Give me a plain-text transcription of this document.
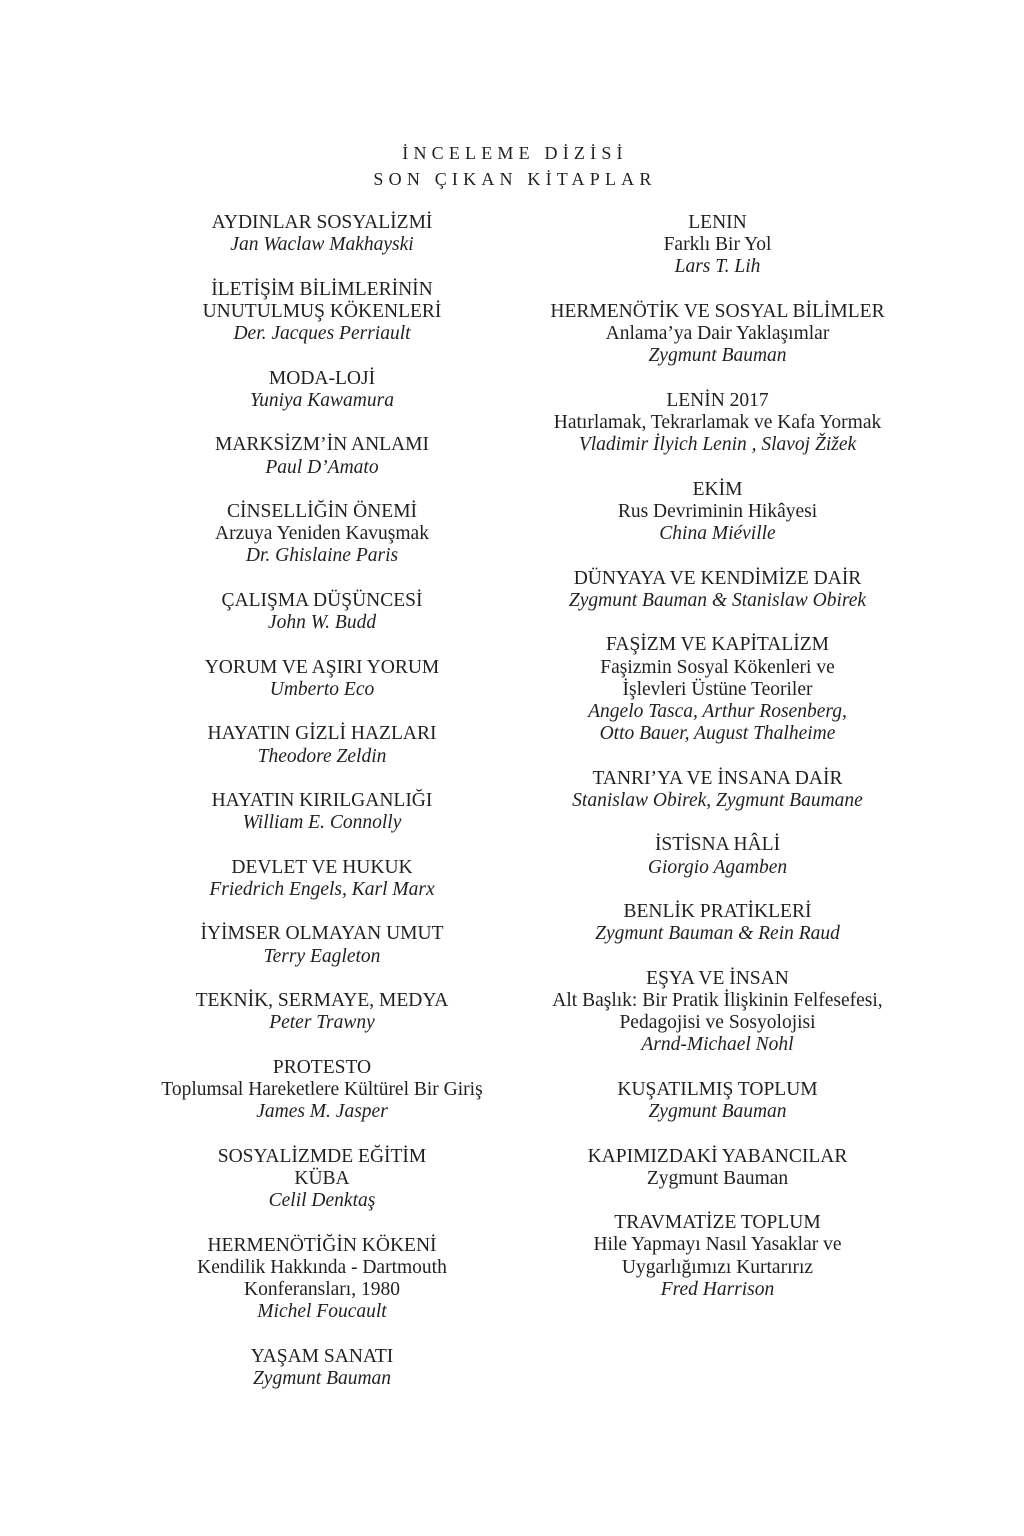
İNCELEME DİZİSİ
SON ÇIKAN KİTAPLAR
AYDINLAR SOSYALİZMİ
Jan Waclaw Makhayski
İLETİŞİM BİLİMLERİNİN
UNUTULMUŞ KÖKENLERİ
Der. Jacques Perriault
MODA-LOJİ
Yuniya Kawamura
MARKSİZM’İN ANLAMI
Paul D’Amato
CİNSELLİĞİN ÖNEMİ
Arzuya Yeniden Kavuşmak
Dr. Ghislaine Paris
ÇALIŞMA DÜŞÜNCESİ
John W. Budd
YORUM VE AŞIRI YORUM
Umberto Eco
HAYATIN GİZLİ HAZLARI
Theodore Zeldin
HAYATIN KIRILGANLIĞI
William E. Connolly
DEVLET VE HUKUK
Friedrich Engels, Karl Marx
İYİMSER OLMAYAN UMUT
Terry Eagleton
TEKNİK, SERMAYE, MEDYA
Peter Trawny
PROTESTO
Toplumsal Hareketlere Kültürel Bir Giriş
James M. Jasper
SOSYALİZMDE EĞİTİM
KÜBA
Celil Denktaş
HERMENÖTİĞİN KÖKENİ
Kendilik Hakkında - Dartmouth
Konferansları, 1980
Michel Foucault
YAŞAM SANATI
Zygmunt Bauman
LENIN
Farklı Bir Yol
Lars T. Lih
HERMENÖTİK VE SOSYAL BİLİMLER
Anlama’ya Dair Yaklaşımlar
Zygmunt Bauman
LENİN 2017
Hatırlamak, Tekrarlamak ve Kafa Yormak
Vladimir İlyich Lenin , Slavoj Žižek
EKİM
Rus Devriminin Hikâyesi
China Miéville
DÜNYAYA VE KENDİMİZE DAİR
Zygmunt Bauman & Stanislaw Obirek
FAŞİZM VE KAPİTALİZM
Faşizmin Sosyal Kökenleri ve
İşlevleri Üstüne Teoriler
Angelo Tasca, Arthur Rosenberg,
Otto Bauer, August Thalheime
TANRI’YA VE İNSANA DAİR
Stanislaw Obirek, Zygmunt Baumane
İSTİSNA HÂLİ
Giorgio Agamben
BENLİK PRATİKLERİ
Zygmunt Bauman & Rein Raud
EŞYA VE İNSAN
Alt Başlık: Bir Pratik İlişkinin Felfesefesi,
Pedagojisi ve Sosyolojisi
Arnd-Michael Nohl
KUŞATILMIŞ TOPLUM
Zygmunt Bauman
KAPIMIZDAKİ YABANCILAR
Zygmunt Bauman
TRAVMATİZE TOPLUM
Hile Yapmayı Nasıl Yasaklar ve
Uygarlığımızı Kurtarırız
Fred Harrison
